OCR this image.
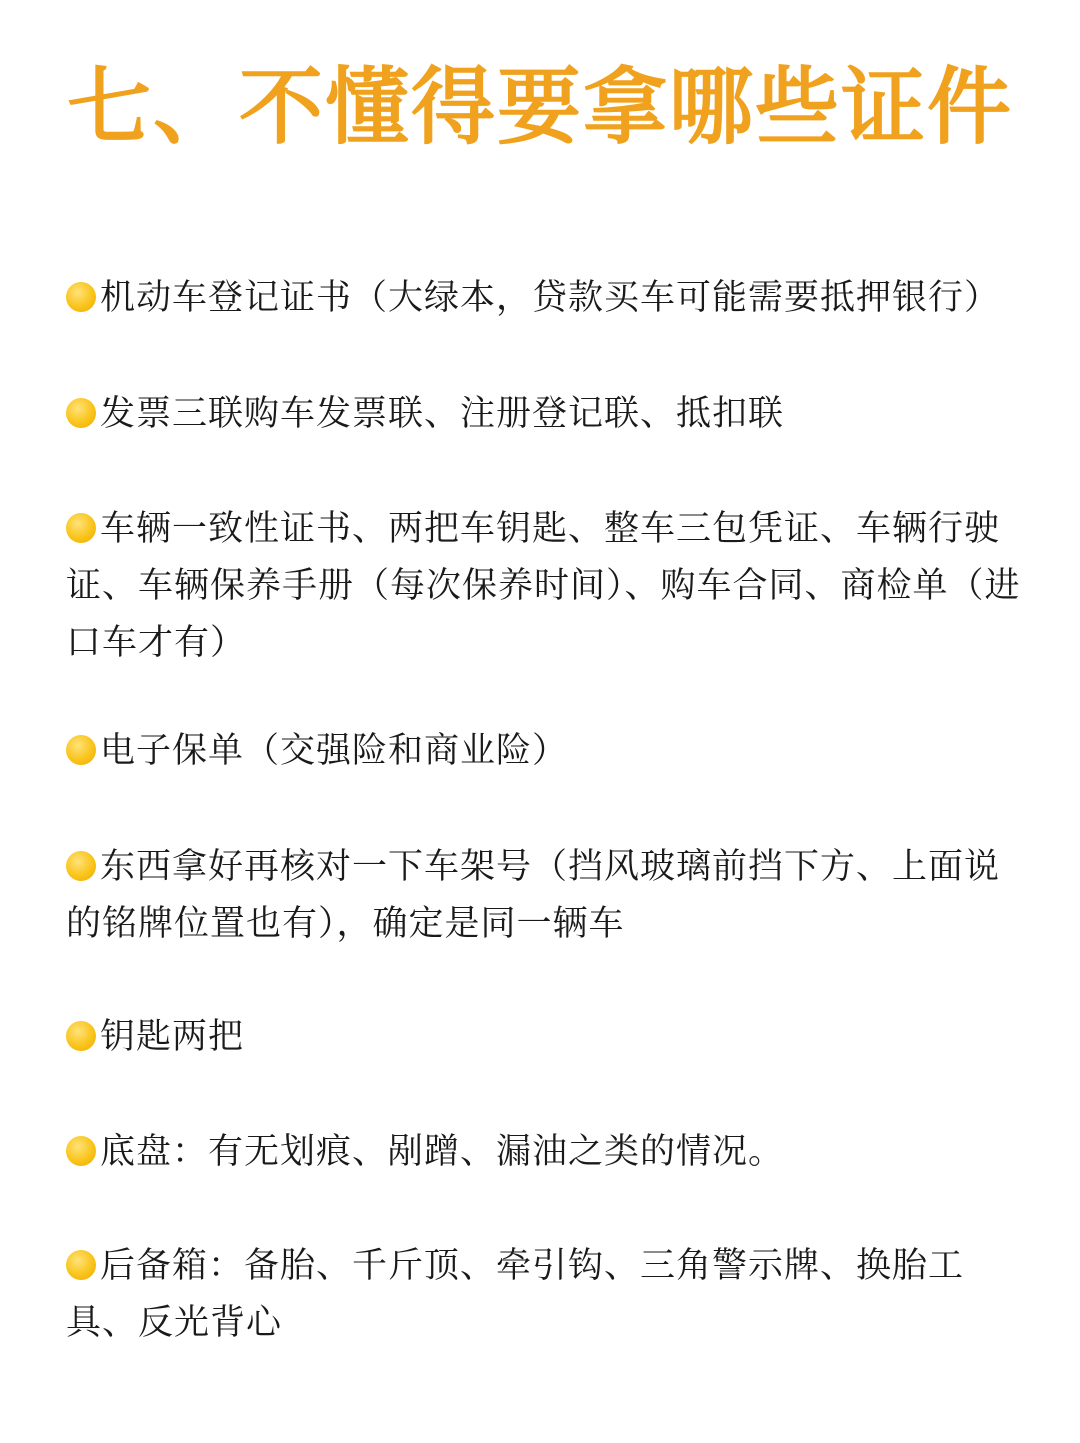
七、不懂得要拿哪些证件
机动车登记证书（大绿本，贷款买车可能需要抵押银行）
发票三联购车发票联、注册登记联、抵扣联
车辆一致性证书、两把车钥匙、整车三包凭证、车辆行驶证、车辆保养手册（每次保养时间）、购车合同、商检单（进口车才有）
电子保单（交强险和商业险）
东西拿好再核对一下车架号（挡风玻璃前挡下方、上面说的铭牌位置也有），确定是同一辆车
钥匙两把
底盘：有无划痕、剐蹭、漏油之类的情况。
后备箱：备胎、千斤顶、牵引钩、三角警示牌、换胎工具、反光背心
